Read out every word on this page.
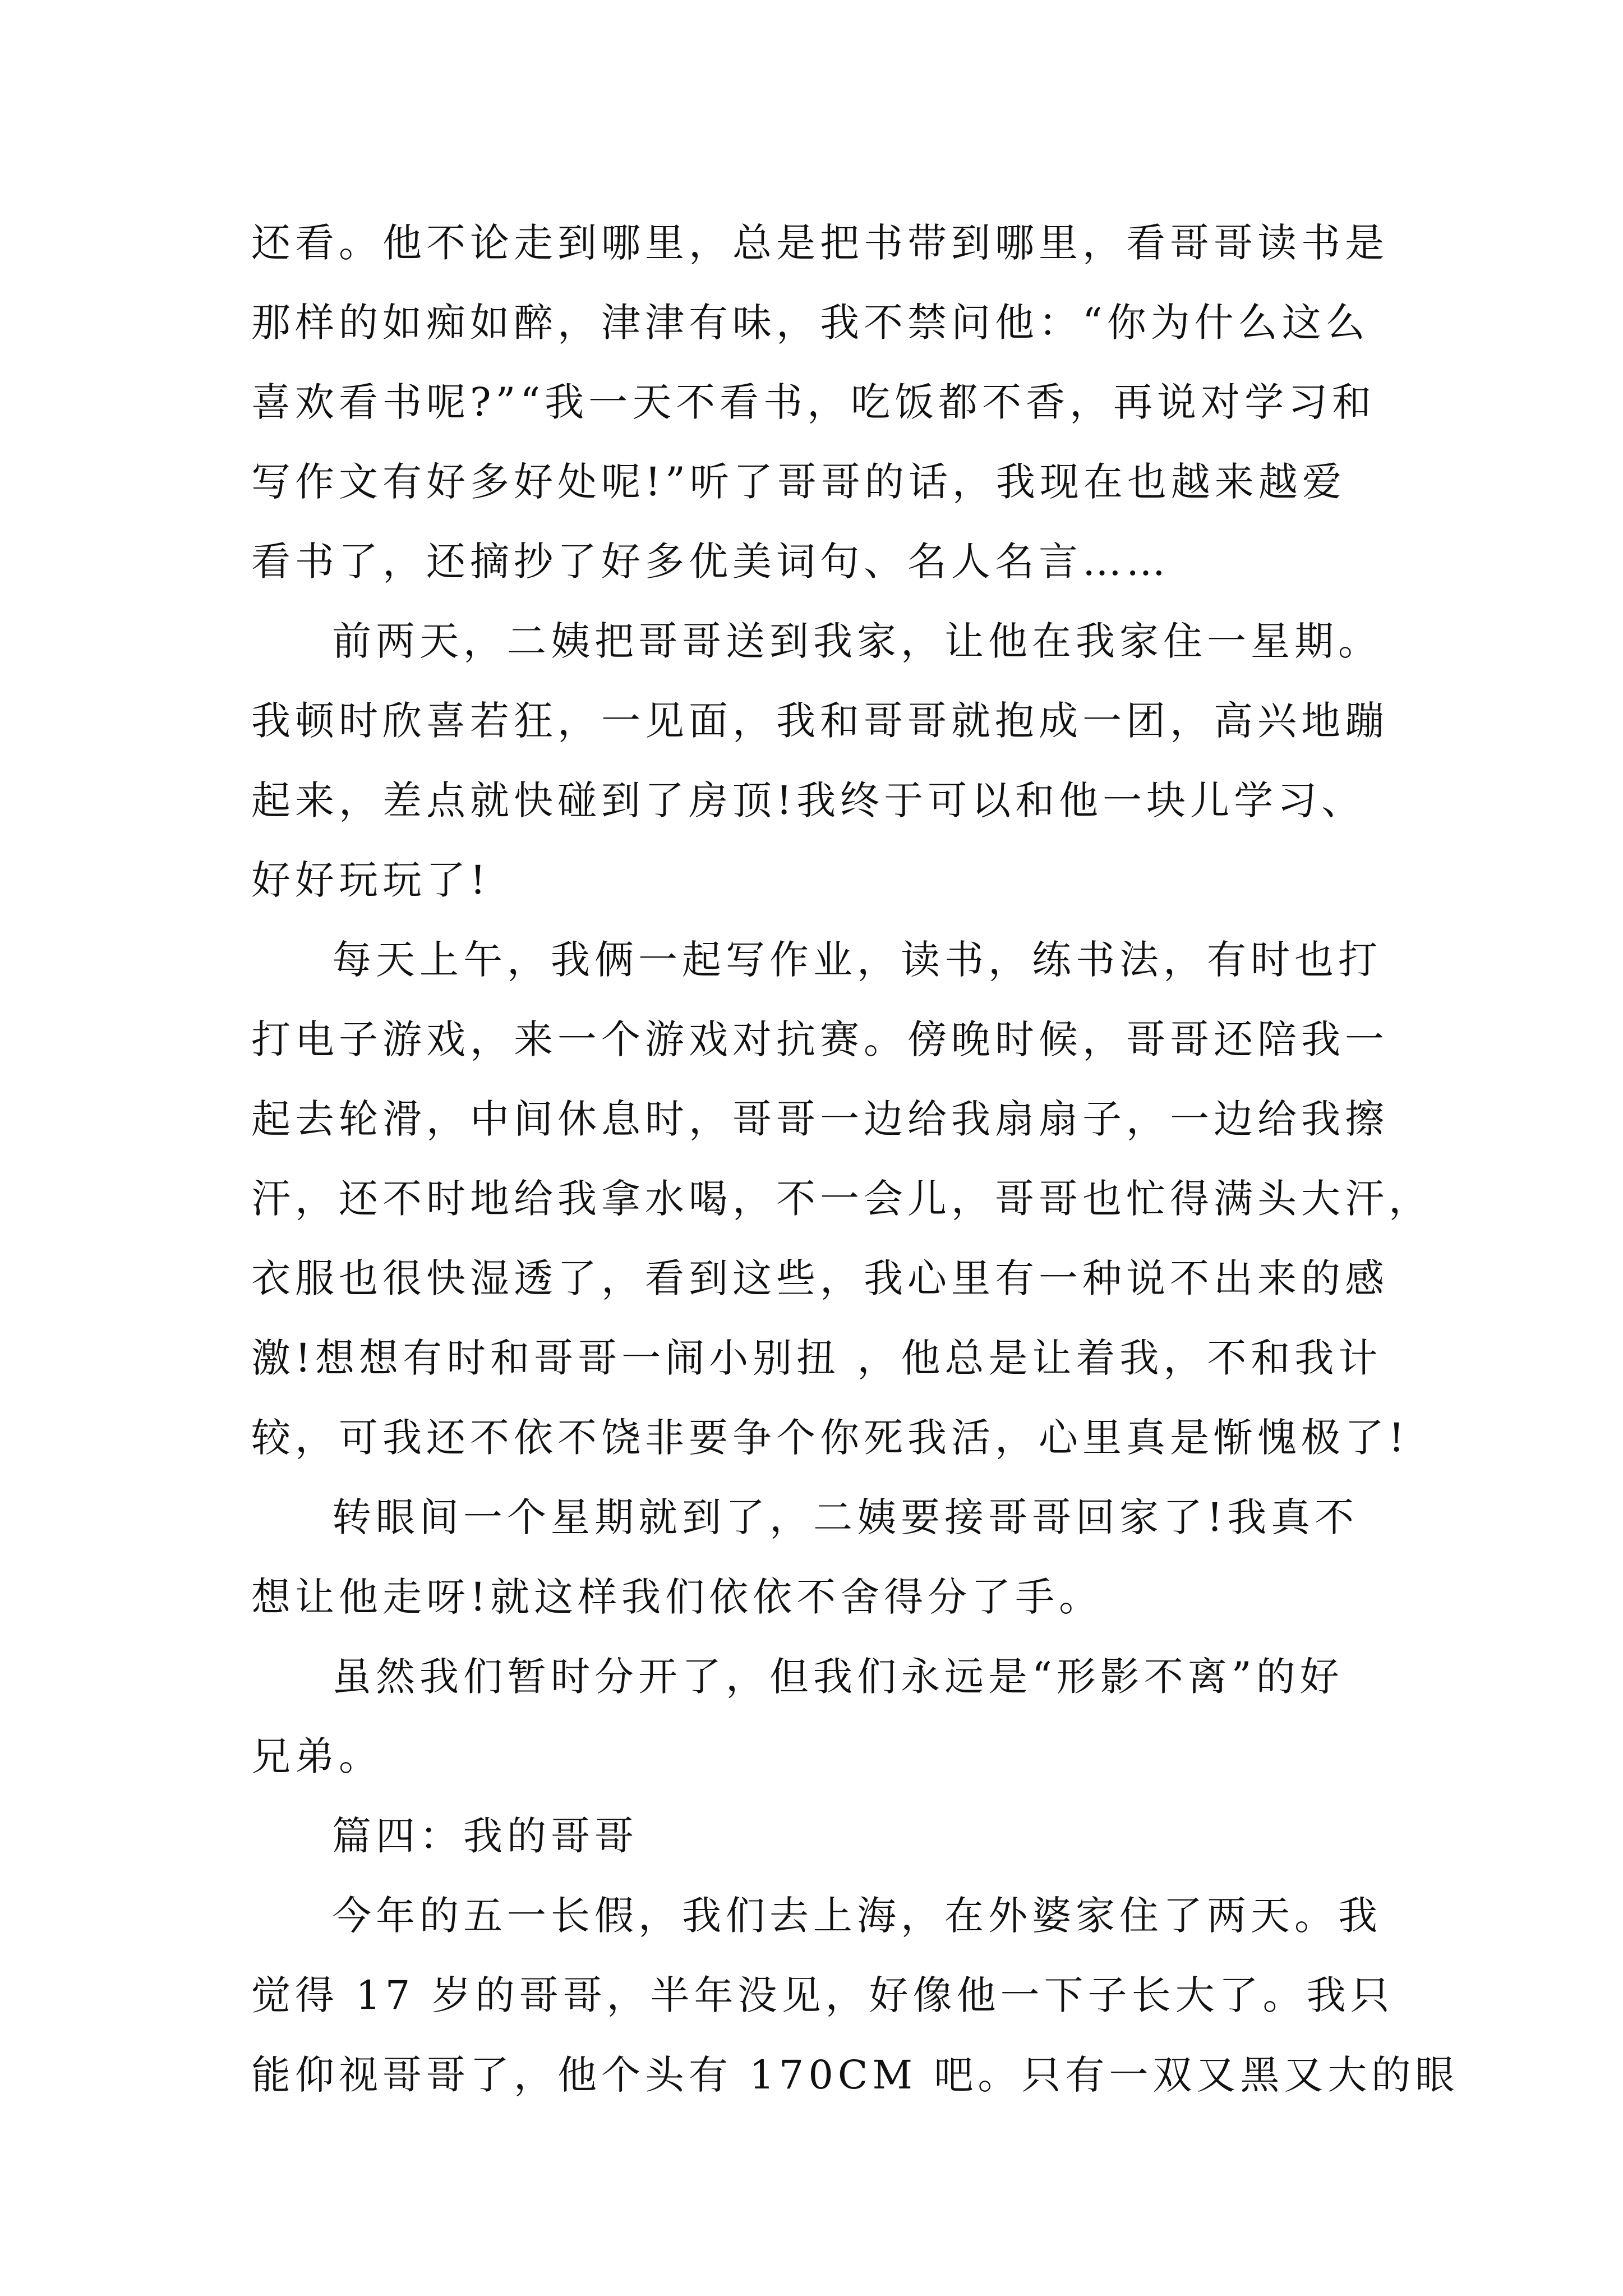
还看。他不论走到哪里，总是把书带到哪里，看哥哥读书是
那样的如痴如醉，津津有味，我不禁问他：“你为什么这么
喜欢看书呢?”“我一天不看书，吃饭都不香，再说对学习和
写作文有好多好处呢!”听了哥哥的话，我现在也越来越爱
看书了，还摘抄了好多优美词句、名人名言……
前两天，二姨把哥哥送到我家，让他在我家住一星期。
我顿时欣喜若狂，一见面，我和哥哥就抱成一团，高兴地蹦
起来，差点就快碰到了房顶!我终于可以和他一块儿学习、
好好玩玩了!
每天上午，我俩一起写作业，读书，练书法，有时也打
打电子游戏，来一个游戏对抗赛。傍晚时候，哥哥还陪我一
起去轮滑，中间休息时，哥哥一边给我扇扇子，一边给我擦
汗，还不时地给我拿水喝，不一会儿，哥哥也忙得满头大汗，
衣服也很快湿透了，看到这些，我心里有一种说不出来的感
激!想想有时和哥哥一闹小别扭 ，他总是让着我，不和我计
较，可我还不依不饶非要争个你死我活，心里真是惭愧极了!
转眼间一个星期就到了，二姨要接哥哥回家了!我真不
想让他走呀!就这样我们依依不舍得分了手。
虽然我们暂时分开了，但我们永远是“形影不离”的好
兄弟。
篇四：我的哥哥
今年的五一长假，我们去上海，在外婆家住了两天。我
觉得 17 岁的哥哥，半年没见，好像他一下子长大了。我只
能仰视哥哥了，他个头有 170CM 吧。只有一双又黑又大的眼
